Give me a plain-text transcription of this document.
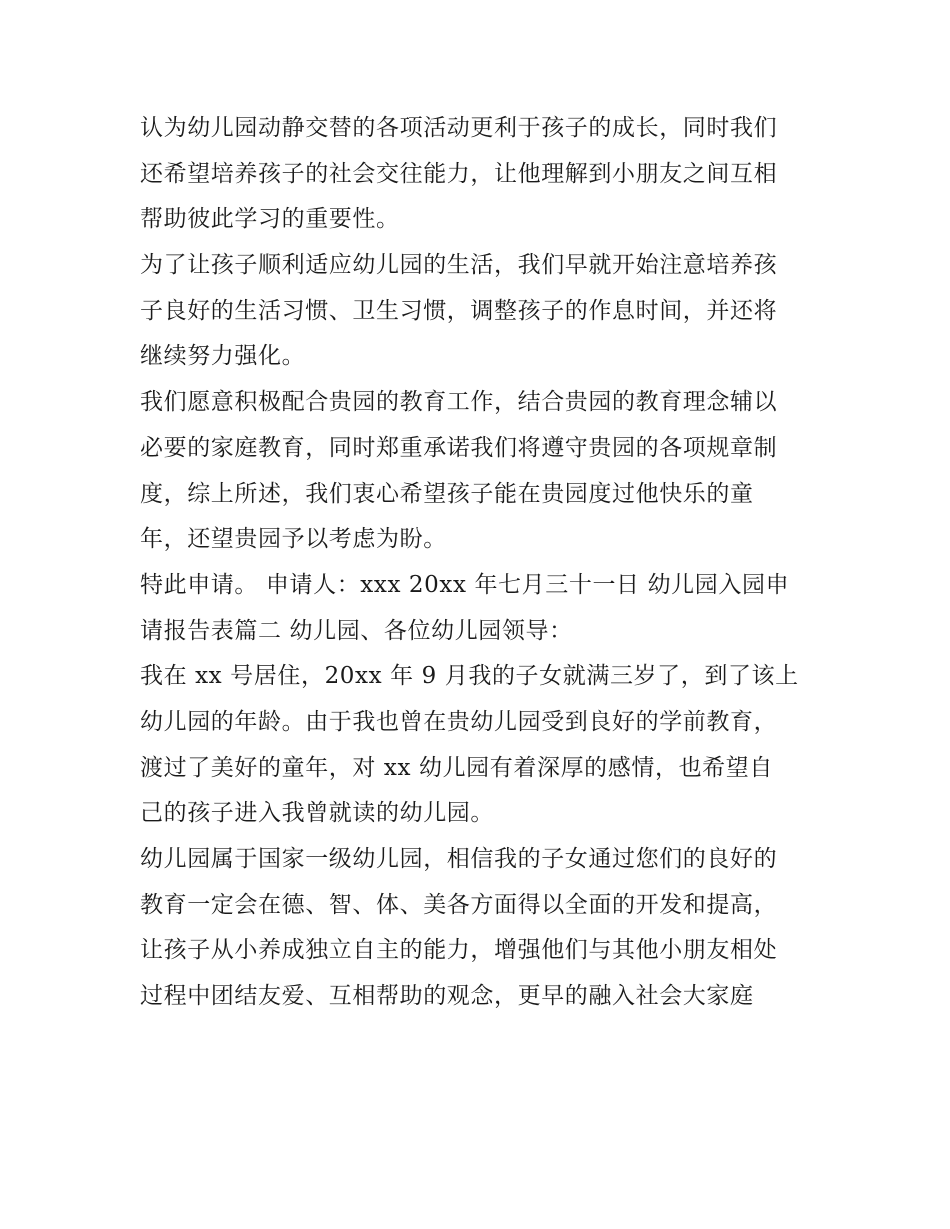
认为幼儿园动静交替的各项活动更利于孩子的成长，同时我们
还希望培养孩子的社会交往能力，让他理解到小朋友之间互相
帮助彼此学习的重要性。
为了让孩子顺利适应幼儿园的生活，我们早就开始注意培养孩
子良好的生活习惯、卫生习惯，调整孩子的作息时间，并还将
继续努力强化。
我们愿意积极配合贵园的教育工作，结合贵园的教育理念辅以
必要的家庭教育，同时郑重承诺我们将遵守贵园的各项规章制
度，综上所述，我们衷心希望孩子能在贵园度过他快乐的童
年，还望贵园予以考虑为盼。
特此申请。 申请人：xxx 20xx 年七月三十一日 幼儿园入园申
请报告表篇二 幼儿园、各位幼儿园领导：
我在 xx 号居住，20xx 年 9 月我的子女就满三岁了，到了该上
幼儿园的年龄。由于我也曾在贵幼儿园受到良好的学前教育，
渡过了美好的童年，对 xx 幼儿园有着深厚的感情，也希望自
己的孩子进入我曾就读的幼儿园。
幼儿园属于国家一级幼儿园，相信我的子女通过您们的良好的
教育一定会在德、智、体、美各方面得以全面的开发和提高，
让孩子从小养成独立自主的能力，增强他们与其他小朋友相处
过程中团结友爱、互相帮助的观念，更早的融入社会大家庭
